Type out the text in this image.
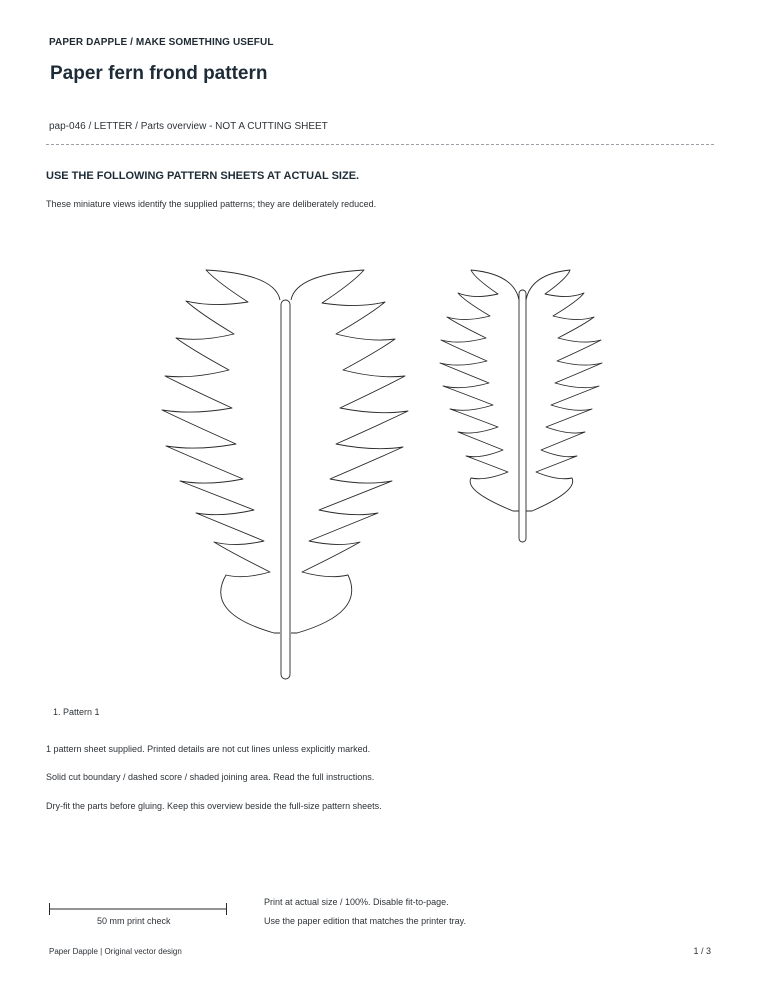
PAPER DAPPLE / MAKE SOMETHING USEFUL
Paper fern frond pattern
pap-046 / LETTER / Parts overview - NOT A CUTTING SHEET
USE THE FOLLOWING PATTERN SHEETS AT ACTUAL SIZE.
These miniature views identify the supplied patterns; they are deliberately reduced.
1. Pattern 1
1 pattern sheet supplied. Printed details are not cut lines unless explicitly marked.
Solid cut boundary / dashed score / shaded joining area. Read the full instructions.
Dry-fit the parts before gluing. Keep this overview beside the full-size pattern sheets.
50 mm print check
Print at actual size / 100%. Disable fit-to-page.
Use the paper edition that matches the printer tray.
Paper Dapple | Original vector design	1 / 3
